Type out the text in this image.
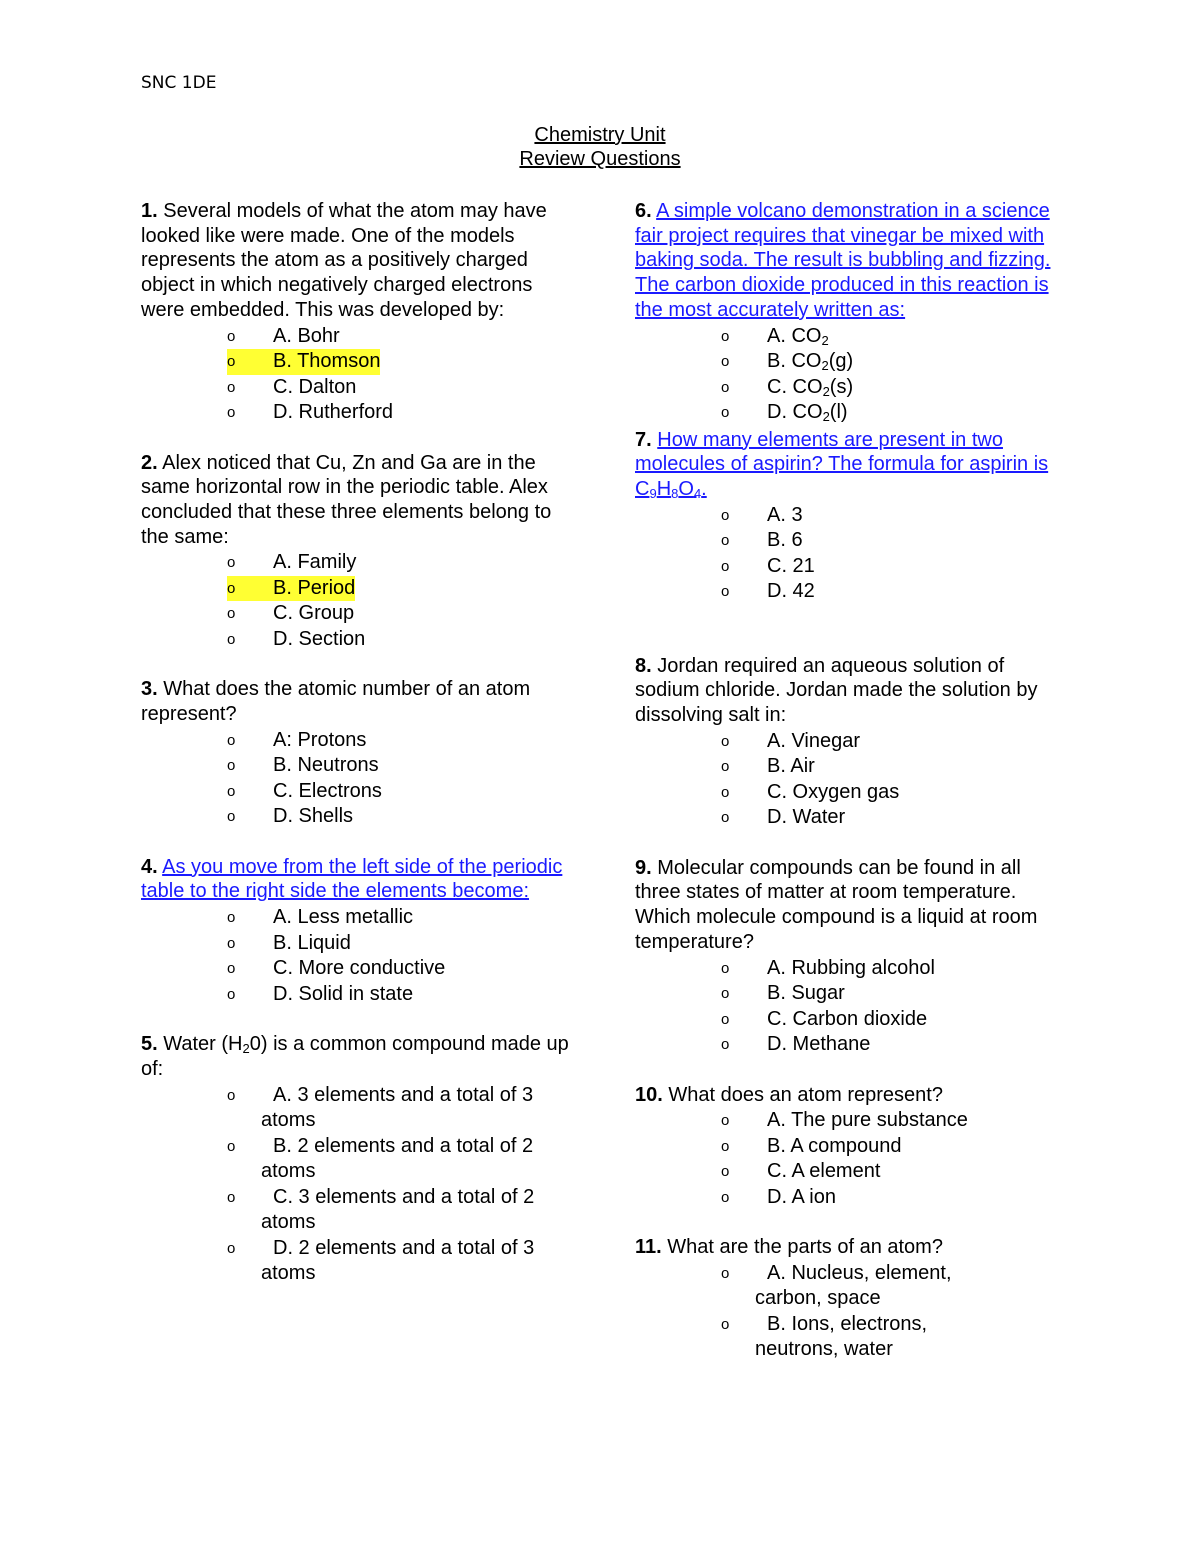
SNC 1DE
Chemistry Unit
Review Questions

1. Several models of what the atom may have looked like were made. One of the models represents the atom as a positively charged object in which negatively charged electrons were embedded. This was developed by:

o A. Bohr
o B. Thomson
o C. Dalton
o D. Rutherford

2. Alex noticed that Cu, Zn and Ga are in the same horizontal row in the periodic table. Alex concluded that these three elements belong to the same:

o A. Family
o B. Period
o C. Group
o D. Section

3. What does the atomic number of an atom represent?

o A: Protons
o B. Neutrons
o C. Electrons
o D. Shells

4. As you move from the left side of the periodic table to the right side the elements become:

o A. Less metallic
o B. Liquid
o C. More conductive
o D. Solid in state

5. Water $(H_20)$ is a common compound made up of:

o A. 3 elements and a total of 3 atoms
o B. 2 elements and a total of 2 atoms
o C. 3 elements and a total of 2 atoms
o D. 2 elements and a total of 3 atoms

6. A simple volcano demonstration in a science fair project requires that vinegar be mixed with baking soda. The result is bubbling and fizzing. The carbon dioxide produced in this reaction is the most accurately written as:

o A. $CO_2$
o B. $CO_2(g)$
o C. $CO_2(s)$
o D. $CO_2(l)$

7. How many elements are present in two molecules of aspirin? The formula for aspirin is $C_9H_8O_4$.

o A. 3
o B. 6
o C. 21
o D. 42

8. Jordan required an aqueous solution of sodium chloride. Jordan made the solution by dissolving salt in:

o A. Vinegar
o B. Air
o C. Oxygen gas
o D. Water

9. Molecular compounds can be found in all three states of matter at room temperature. Which molecule compound is a liquid at room temperature?

o A. Rubbing alcohol
o B. Sugar
o C. Carbon dioxide
o D. Methane

10. What does an atom represent?

o A. The pure substance
o B. A compound
o C. A element
o D. A ion

11. What are the parts of an atom?

o A. Nucleus, element, carbon, space
o B. Ions, electrons, neutrons, water
